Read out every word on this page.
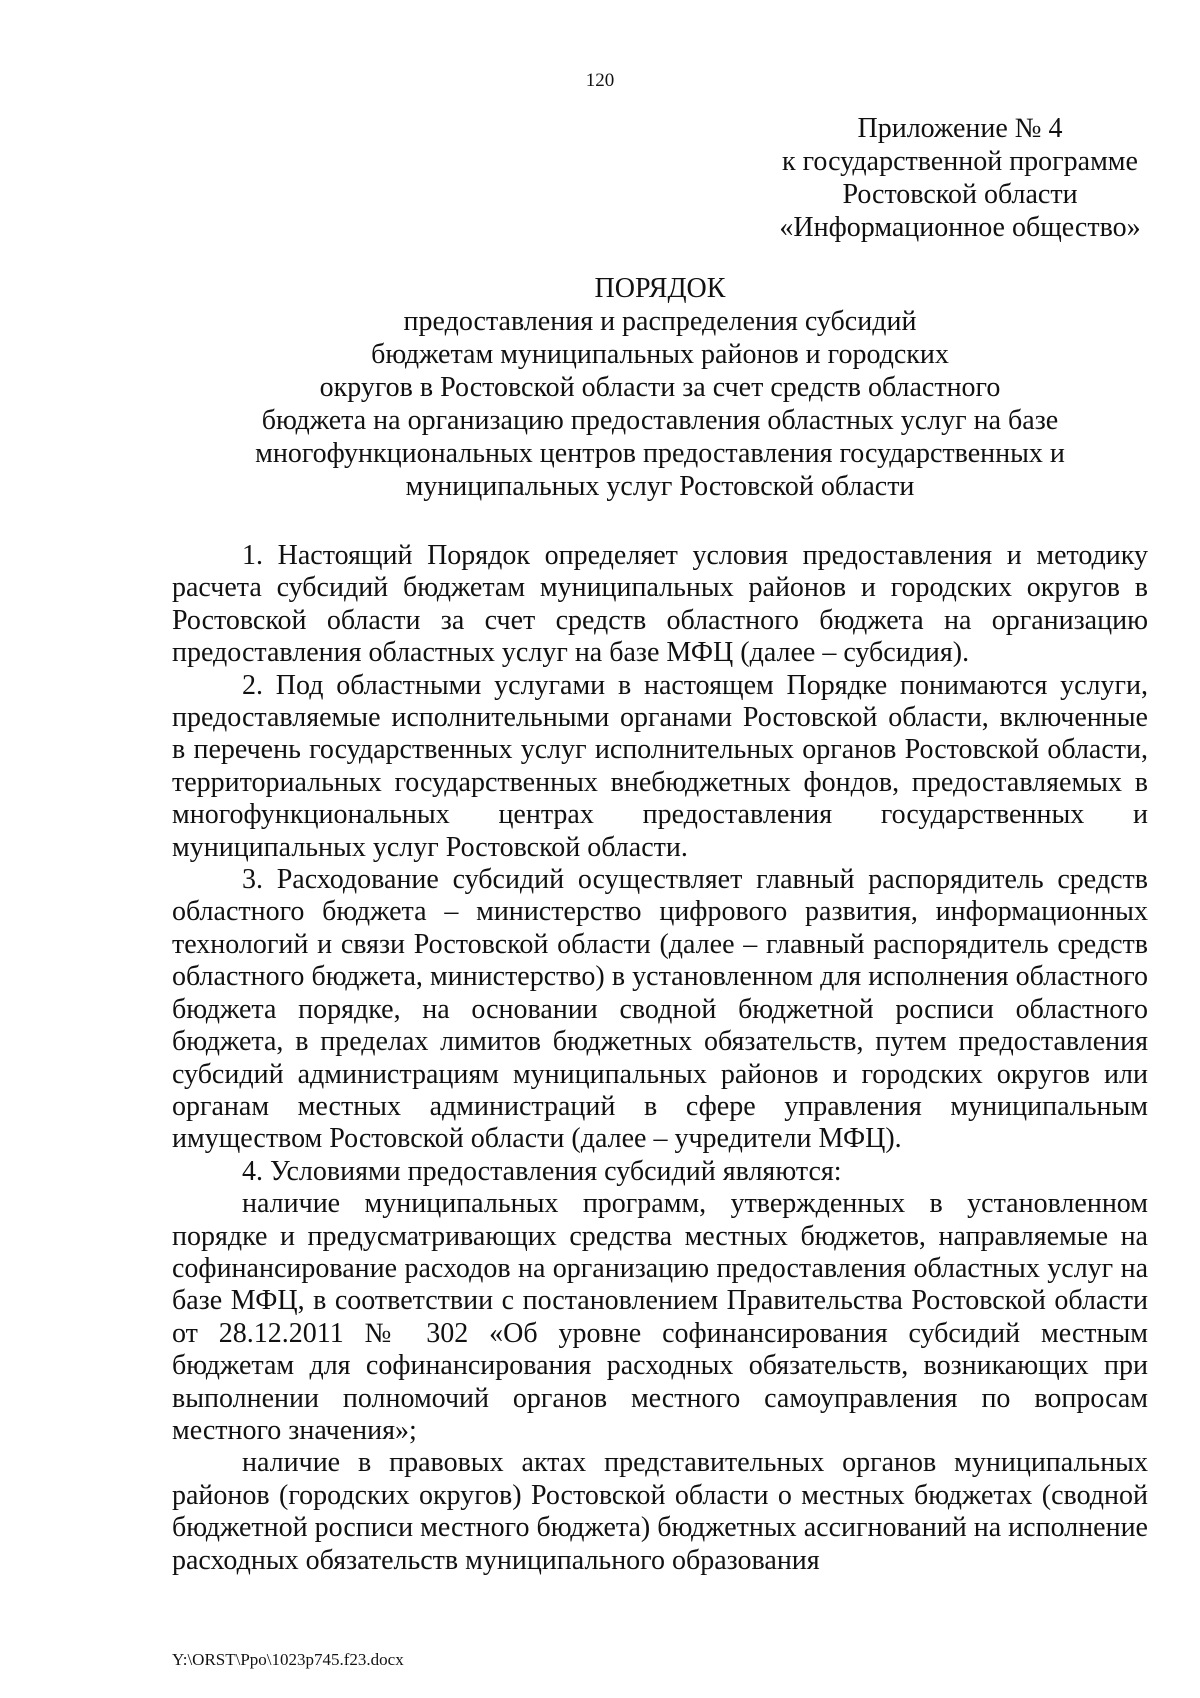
120
Приложение № 4
к государственной программе
Ростовской области
«Информационное общество»
ПОРЯДОК
предоставления и распределения субсидий
бюджетам муниципальных районов и городских
округов в Ростовской области за счет средств областного
бюджета на организацию предоставления областных услуг на базе
многофункциональных центров предоставления государственных и
муниципальных услуг Ростовской области

1. Настоящий Порядок определяет условия предоставления и методику расчета субсидий бюджетам муниципальных районов и городских округов в Ростовской области за счет средств областного бюджета на организацию предоставления областных услуг на базе МФЦ (далее – субсидия).

2. Под областными услугами в настоящем Порядке понимаются услуги, предоставляемые исполнительными органами Ростовской области, включенные в перечень государственных услуг исполнительных органов Ростовской области, территориальных государственных внебюджетных фондов, предоставляемых в многофункциональных центрах предоставления государственных и муниципальных услуг Ростовской области.

3. Расходование субсидий осуществляет главный распорядитель средств областного бюджета – министерство цифрового развития, информационных технологий и связи Ростовской области (далее – главный распорядитель средств областного бюджета, министерство) в установленном для исполнения областного бюджета порядке, на основании сводной бюджетной росписи областного бюджета, в пределах лимитов бюджетных обязательств, путем предоставления субсидий администрациям муниципальных районов и городских округов или органам местных администраций в сфере управления муниципальным имуществом Ростовской области (далее – учредители МФЦ).

4. Условиями предоставления субсидий являются:

наличие муниципальных программ, утвержденных в установленном порядке и предусматривающих средства местных бюджетов, направляемые на софинансирование расходов на организацию предоставления областных услуг на базе МФЦ, в соответствии с постановлением Правительства Ростовской области от 28.12.2011 № 302 «Об уровне софинансирования субсидий местным бюджетам для софинансирования расходных обязательств, возникающих при выполнении полномочий органов местного самоуправления по вопросам местного значения»;

наличие в правовых актах представительных органов муниципальных районов (городских округов) Ростовской области о местных бюджетах (сводной бюджетной росписи местного бюджета) бюджетных ассигнований на исполнение расходных обязательств муниципального образования

Y:\ORST\Ppo\1023p745.f23.docx
